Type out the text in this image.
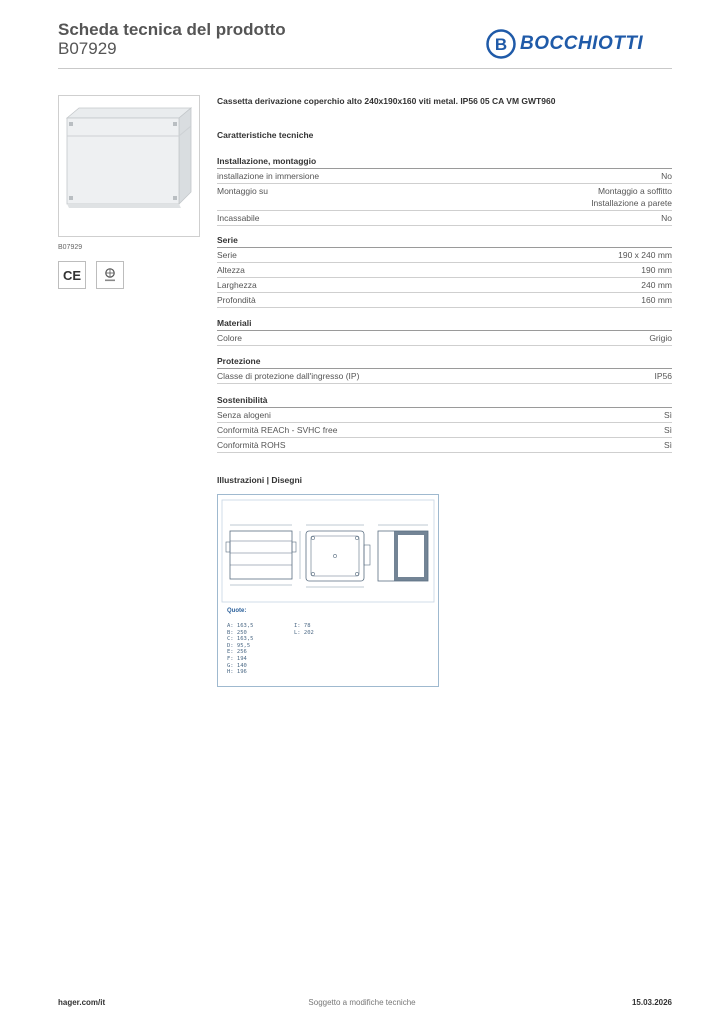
Scheda tecnica del prodotto
B07929	B BOCCHIOTTI
B07929
CE
Cassetta derivazione coperchio alto 240x190x160 viti metal. IP56 05 CA VM GWT960
Caratteristiche tecniche
Installazione, montaggio
installazione in immersione	No
Montaggio su	Montaggio a soffitto
Installazione a parete
Incassabile	No
Serie
Serie	190 x 240 mm
Altezza	190 mm
Larghezza	240 mm
Profondità	160 mm
Materiali
Colore	Grigio
Protezione
Classe di protezione dall'ingresso (IP)	IP56
Sostenibilità
Senza alogeni	Sì
Conformità REACh - SVHC free	Sì
Conformità ROHS	Sì
Illustrazioni | Disegni
Quote:
A: 163,5
B: 250
C: 163,5
D: 95,5
E: 256
F: 194
G: 140
H: 196
I: 78
L: 202
Soggetto a modifiche tecniche
hager.com/it	15.03.2026
